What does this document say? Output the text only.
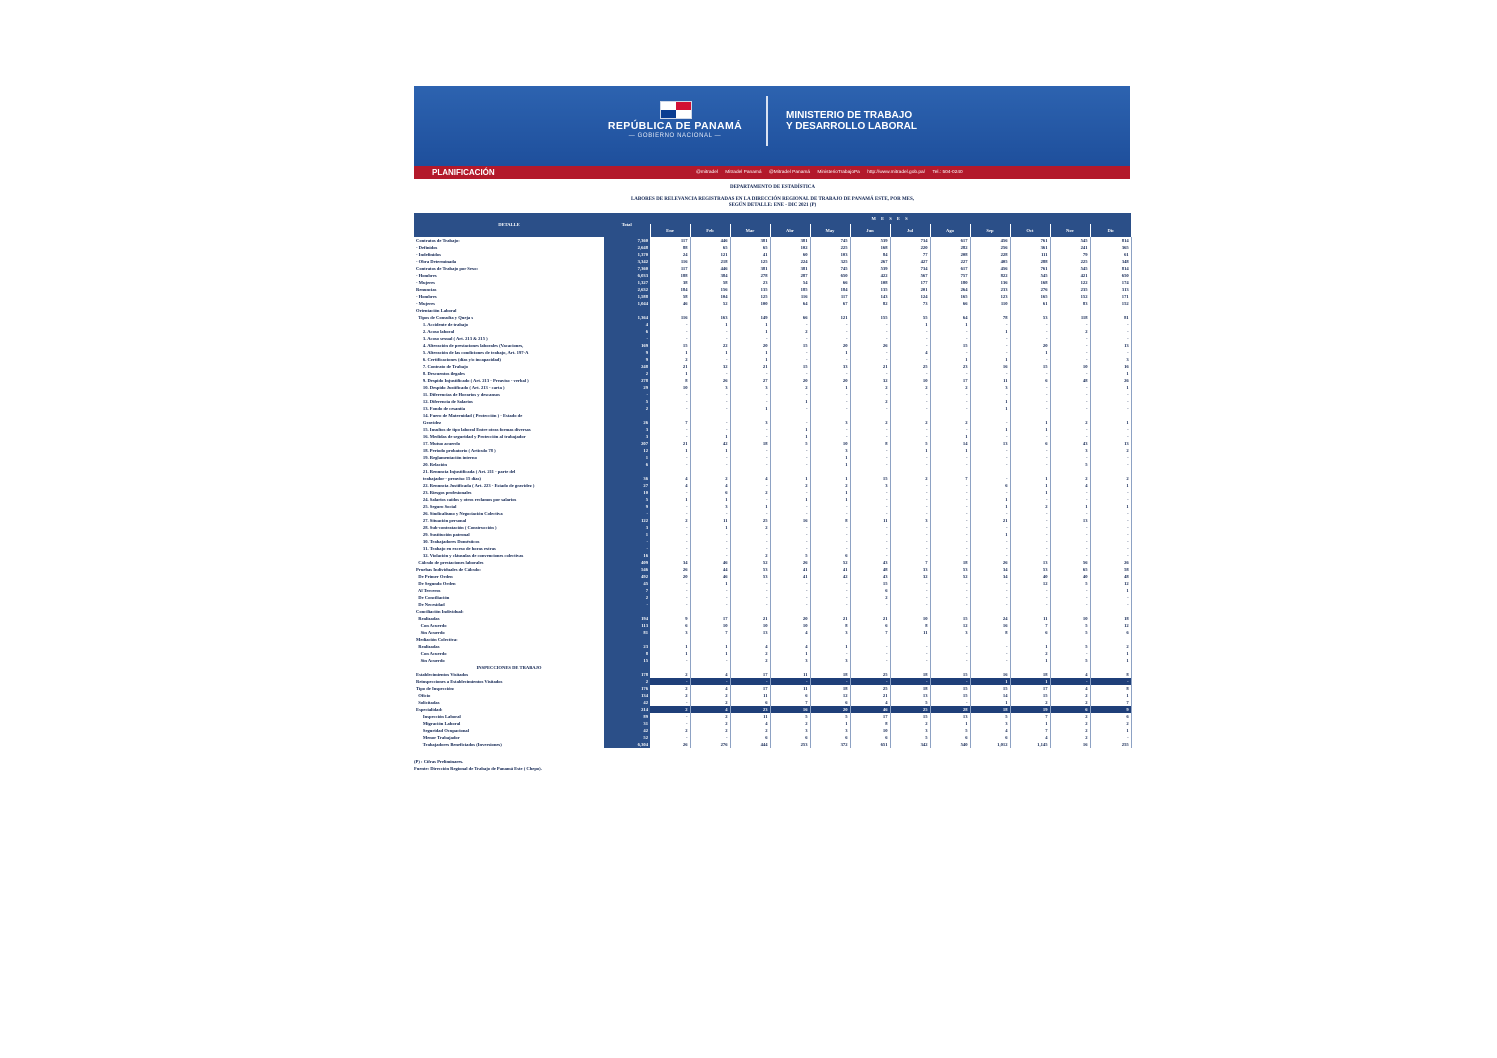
REPÚBLICA DE PANAMÁ
— GOBIERNO NACIONAL —
MINISTERIO DE TRABAJO
Y DESARROLLO LABORAL
PLANIFICACIÓN	@mitradel Mitradel Panamá @Mitradel Panamá MinisterioTrabajoPa http://www.mitradel.gob.pa/ Tel.: 504-0240
DEPARTAMENTO DE ESTADÍSTICA
LABORES DE RELEVANCIA REGISTRADAS EN LA DIRECCIÓN REGIONAL DE TRABAJO DE PANAMÁ ESTE, POR MES,
SEGÚN DETALLE: ENE - DIC 2021 (P)
DETALLE	Total	M E S E S											
		Ene	Feb	Mar	Abr	May	Jun	Jul	Ago	Sep	Oct	Nov	Dic

Contratos de Trabajo:	7,360	117	446	381	381	745	539	734	617	456	761	545	814
- Definidos	2,648	88	65	65	102	225	168	220	282	256	361	241	365
- Indefinidos	1,370	24	121	41	60	103	84	77	208	228	111	79	61
- Obra Determinada	3,342	116	218	125	224	325	267	427	227	405	288	225	348

Contratos de Trabajo por Sexo:	7,360	117	446	381	381	745	539	734	617	456	761	545	814
- Hombres	6,033	188	384	278	287	650	422	567	757	822	545	421	650
- Mujeres	1,327	38	58	23	54	66	108	177	180	136	168	122	174

Renuncias	2,632	184	156	135	185	184	135	201	264	233	276	235	313
- Hombres	1,588	58	104	125	116	117	143	124	165	123	165	152	171
- Mujeres	1,044	46	52	100	64	67	82	73	66	110	61	83	152

Orientación Laboral													
Tipos de Consulta y Queja s	1,364	116	163	149	66	121	155	55	64	78	53	118	81
1. Accidente de trabajo	4	-	1	1	-	-	-	1	1	-	-	-	-
2. Acoso laboral	6	-	-	1	2	-	-	-	-	1	-	2	-
3. Acoso sexual ( Art. 213 & 215 )	-	-	-	-	-	-	-	-	-	-	-	-	-
4. Alteración de prestaciones laborales (Vacaciones,	169	15	22	20	15	20	26	-	15	-	20	-	13
5. Alteración de las condiciones de trabajo, Art. 197-A	9	1	1	1	-	1	-	4	-	-	1	-	-
6. Certificaciones (días y/o incapacidad)	9	2	-	1	-	-	-	-	1	1	-	-	3
7. Contrato de Trabajo	248	21	32	21	15	33	21	25	23	16	15	10	16
8. Descuentos ilegales	2	1	-	-	-	-	-	-	-	-	-	-	1
9. Despido Injustificado ( Art. 213 - Preaviso - verbal )	278	8	26	27	20	20	32	10	17	11	6	48	26
10. Despido Justificado ( Art. 213 - carta )	29	10	3	3	2	1	2	2	2	3	-	-	1
11. Diferencias de Horarios y descansos	-	-	-	-	-	-	-	-	-	-	-	-	-
12. Diferencia de Salarios	5	-	-	-	1	-	2	-	-	1	-	-	-
13. Fondo de cesantía	2	-	-	1	-	-	-	-	-	1	-	-	-
14. Fuero de Maternidad ( Protección ) - Estado de													
Gravidez	26	7	-	3	-	3	2	2	2	-	1	2	1
15. Insultos de tipo laboral Entre otras formas diversas	3	-	-	-	1	-	-	-	-	1	1	-	-
16. Medidas de seguridad y Protección al trabajador	3	-	1	-	1	-	-	-	1	-	-	-	-
17. Mutuo acuerdo	207	21	42	18	5	10	8	5	14	13	6	43	13
18. Periodo probatorio ( Artículo 78 )	12	1	1	-	-	3	-	1	1	-	-	3	2
19. Reglamentación interno	1	-	-	-	-	1	-	-	-	-	-	-	-
20. Relación	6	-	-	-	-	1	-	-	-	-	-	5	-
21. Renuncia Injustificada ( Art. 211 - parte del													
trabajador - preaviso 15 días)	36	4	2	4	1	1	15	2	7	-	1	2	2
22. Renuncia Justificada ( Art. 223 - Estado de gravidez )	27	4	4	-	2	2	3	-	-	6	1	4	1
23. Riesgos profesionales	10	-	6	2	-	1	-	-	-	-	1	-	-
24. Salarios caídos y otros reclamos por salarios	5	1	1	-	1	1	-	-	-	1	-	-	-
25. Seguro Social	9	-	3	1	-	-	-	-	-	1	2	1	1
26. Sindicalismo y Negociación Colectiva	-	-	-	-	-	-	-	-	-	-	-	-	-
27. Situación personal	122	2	11	25	16	8	11	3	-	21	-	13	-
28. Sub-contratación ( Construcción )	3	-	1	2	-	-	-	-	-	-	-	-	-
29. Sustitución patronal	1	-	-	-	-	-	-	-	-	1	-	-	-
30. Trabajadores Domésticos	-	-	-	-	-	-	-	-	-	-	-	-	-
31. Trabajo en exceso de horas extras	-	-	-	-	-	-	-	-	-	-	-	-	-
32. Violación y cláusulas de convenciones colectivas	16	-	-	2	5	6	-	-	-	-	-	-	-

Cálculo de prestaciones laborales	409	34	46	52	26	52	43	7	18	26	13	56	26

Pruebas Individuales de Cálculo:	546	26	44	53	41	41	48	33	53	34	53	65	58
De Primer Orden	492	20	46	53	41	42	43	32	52	34	40	40	48
De Segundo Orden	45	-	1	-	-	-	15	-	-	-	12	5	12
Al Terceros	7	-	-	-	-	-	6	-	-	-	-	-	1
De Conciliación	2	-	-	-	-	-	2	-	-	-	-	-	-
De Necesidad	-	-	-	-	-	-	-	-	-	-	-	-	-

Conciliación Individual:													
Realizadas	194	9	17	21	20	21	21	10	15	24	11	10	18
Con Acuerdo	113	6	10	10	10	8	6	8	12	16	7	5	12
Sin Acuerdo	81	3	7	13	4	3	7	11	3	8	6	5	6

Mediación Colectiva:													
Realizadas	23	1	1	4	4	1	-	-	-	-	1	5	2
Con Acuerdo	8	1	1	2	1	-	-	-	-	-	2	-	1
Sin Acuerdo	15	-	-	2	3	3	-	-	-	-	1	5	1

INSPECCIONES DE TRABAJO													

Establecimientos Visitados	178	2	4	17	11	18	25	18	15	16	18	4	8

Reinspecciones a Establecimientos Visitados	2	-	-	-	-	-	-	-	-	1	1	-	-
Tipo de Inspección:	176	2	4	17	11	18	25	18	15	15	17	4	8
Oficio	134	2	2	11	6	12	21	13	15	14	15	2	1
Solicitadas	42	-	2	6	7	6	4	5	-	1	2	2	7

Especialidad:	214	2	4	23	16	20	46	25	28	18	19	6	9
Inspección Laboral	89	-	2	11	5	5	17	15	13	5	7	2	6
Migración Laboral	31	-	2	4	2	1	8	2	1	3	1	2	2
Seguridad Ocupacional	42	2	2	2	3	3	10	3	5	4	7	2	1
Menor Trabajador	52	-	-	6	6	6	6	5	6	6	4	2	-

Trabajadores Beneficiados (Inversiones)	6,304	26	276	444	253	372	651	342	540	1,012	1,145	16	255
(P) : Cifras Preliminares.
Fuente: Dirección Regional de Trabajo de Panamá Este ( Chepo).
